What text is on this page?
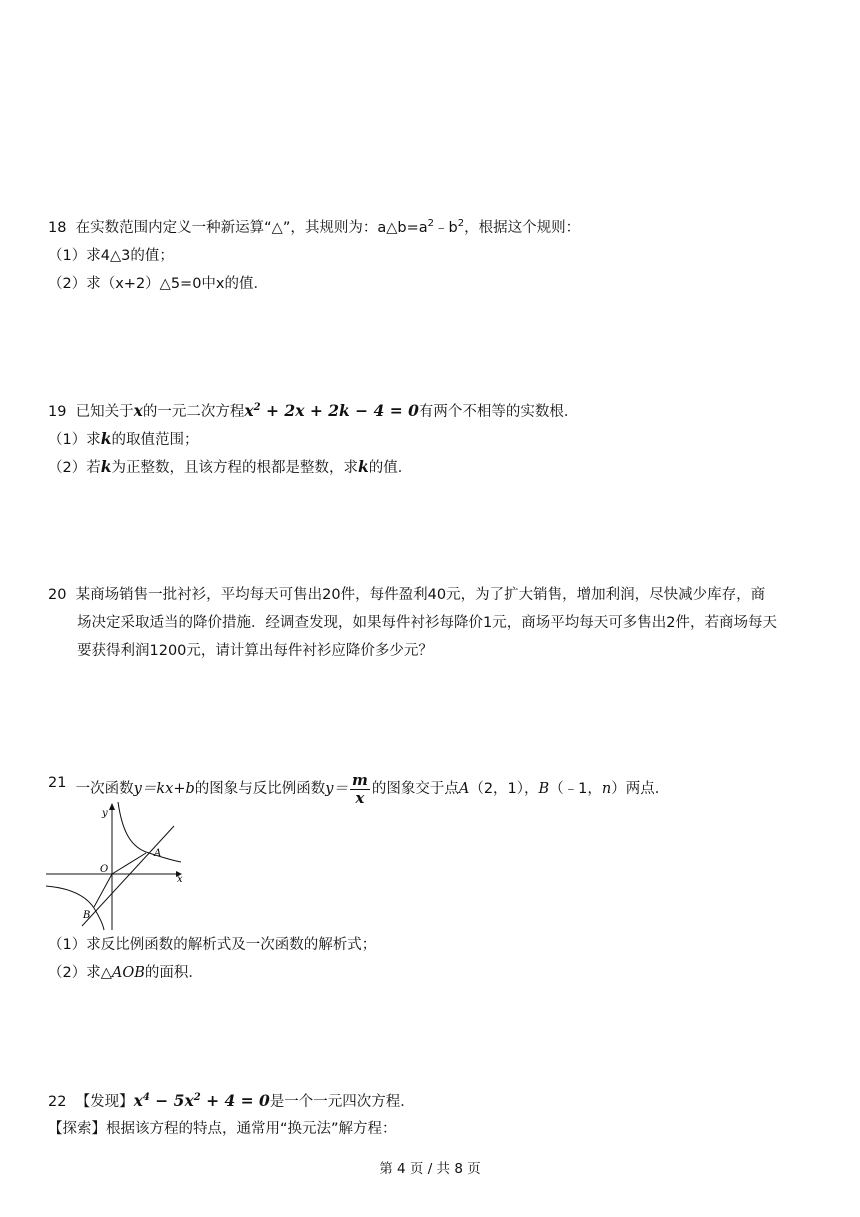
18 在实数范围内定义一种新运算“△”，其规则为：$a\triangle b=a^2﹣b^2$，根据这个规则：
（1）求4△3的值；
（2）求（x+2）△5=0中x的值．
19 已知关于x的一元二次方程$x^2 + 2x + 2k - 4 = 0$有两个不相等的实数根．
（1）求k的取值范围；
（2）若k为正整数，且该方程的根都是整数，求k的值．
20 某商场销售一批衬衫，平均每天可售出20件，每件盈利40元，为了扩大销售，增加利润，尽快减少库存，商
场决定采取适当的降价措施．经调查发现，如果每件衬衫每降价1元，商场平均每天可多售出2件，若商场每天
要获得利润1200元，请计算出每件衬衫应降价多少元？
21 一次函数y＝kx+b的图象与反比例函数$y= \frac{m}{x}$ 的图象交于点A（2，1），B（﹣1，n）两点．
y
x
O
A
B
（1）求反比例函数的解析式及一次函数的解析式；
（2）求△AOB的面积．
22 【发现】$x^4 - 5x^2 + 4 = 0$是一个一元四次方程．
【探索】根据该方程的特点，通常用“换元法”解方程：
第 4 页 / 共 8 页
